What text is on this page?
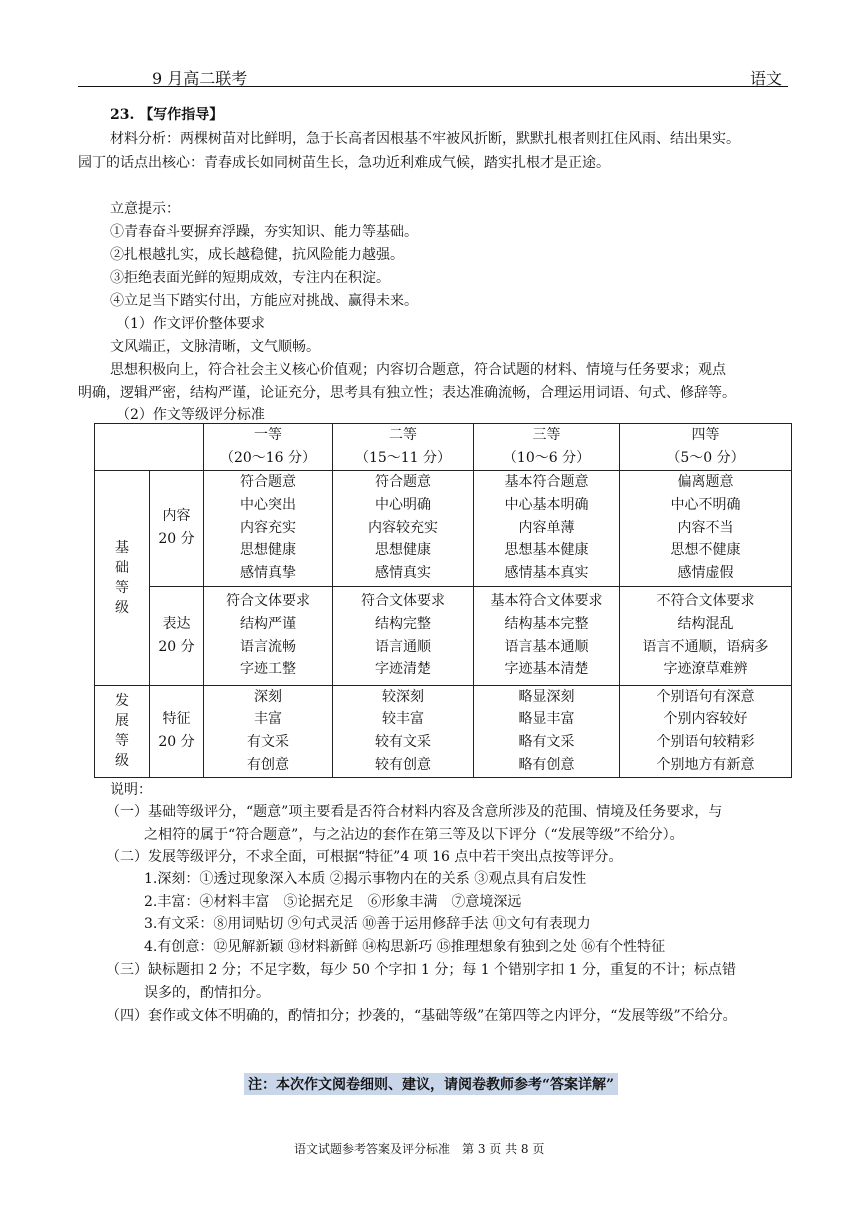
9 月高二联考	语文
23. 【写作指导】
材料分析：两棵树苗对比鲜明，急于长高者因根基不牢被风折断，默默扎根者则扛住风雨、结出果实。
园丁的话点出核心：青春成长如同树苗生长，急功近利难成气候，踏实扎根才是正途。
立意提示：
①青春奋斗要摒弃浮躁，夯实知识、能力等基础。
②扎根越扎实，成长越稳健，抗风险能力越强。
③拒绝表面光鲜的短期成效，专注内在积淀。
④立足当下踏实付出，方能应对挑战、赢得未来。
（1）作文评价整体要求
文风端正，文脉清晰，文气顺畅。
思想积极向上，符合社会主义核心价值观；内容切合题意，符合试题的材料、情境与任务要求；观点
明确，逻辑严密，结构严谨，论证充分，思考具有独立性；表达准确流畅，合理运用词语、句式、修辞等。
（2）作文等级评分标准

		一等
（20～16 分）	二等
（15～11 分）	三等
（10～6 分）	四等
（5～0 分）

基础等级	内容
20 分	符合题意
中心突出
内容充实
思想健康
感情真挚	符合题意
中心明确
内容较充实
思想健康
感情真实	基本符合题意
中心基本明确
内容单薄
思想基本健康
感情基本真实	偏离题意
中心不明确
内容不当
思想不健康
感情虚假

	表达
20 分	符合文体要求
结构严谨
语言流畅
字迹工整	符合文体要求
结构完整
语言通顺
字迹清楚	基本符合文体要求
结构基本完整
语言基本通顺
字迹基本清楚	不符合文体要求
结构混乱
语言不通顺，语病多
字迹潦草难辨

发展等级	特征
20 分	深刻
丰富
有文采
有创意	较深刻
较丰富
较有文采
较有创意	略显深刻
略显丰富
略有文采
略有创意	个别语句有深意
个别内容较好
个别语句较精彩
个别地方有新意
说明：
（一）基础等级评分，“题意”项主要看是否符合材料内容及含意所涉及的范围、情境及任务要求，与
之相符的属于“符合题意”，与之沾边的套作在第三等及以下评分（“发展等级”不给分）。
（二）发展等级评分，不求全面，可根据“特征”4 项 16 点中若干突出点按等评分。
1.深刻：①透过现象深入本质 ②揭示事物内在的关系 ③观点具有启发性
2.丰富：④材料丰富　⑤论据充足　⑥形象丰满　⑦意境深远
3.有文采：⑧用词贴切 ⑨句式灵活 ⑩善于运用修辞手法 ⑪文句有表现力
4.有创意：⑫见解新颖 ⑬材料新鲜 ⑭构思新巧 ⑮推理想象有独到之处 ⑯有个性特征
（三）缺标题扣 2 分；不足字数，每少 50 个字扣 1 分；每 1 个错别字扣 1 分，重复的不计；标点错
误多的，酌情扣分。
（四）套作或文体不明确的，酌情扣分；抄袭的，“基础等级”在第四等之内评分，“发展等级”不给分。
注：本次作文阅卷细则、建议，请阅卷教师参考“答案详解”
语文试题参考答案及评分标准　第 3 页 共 8 页
